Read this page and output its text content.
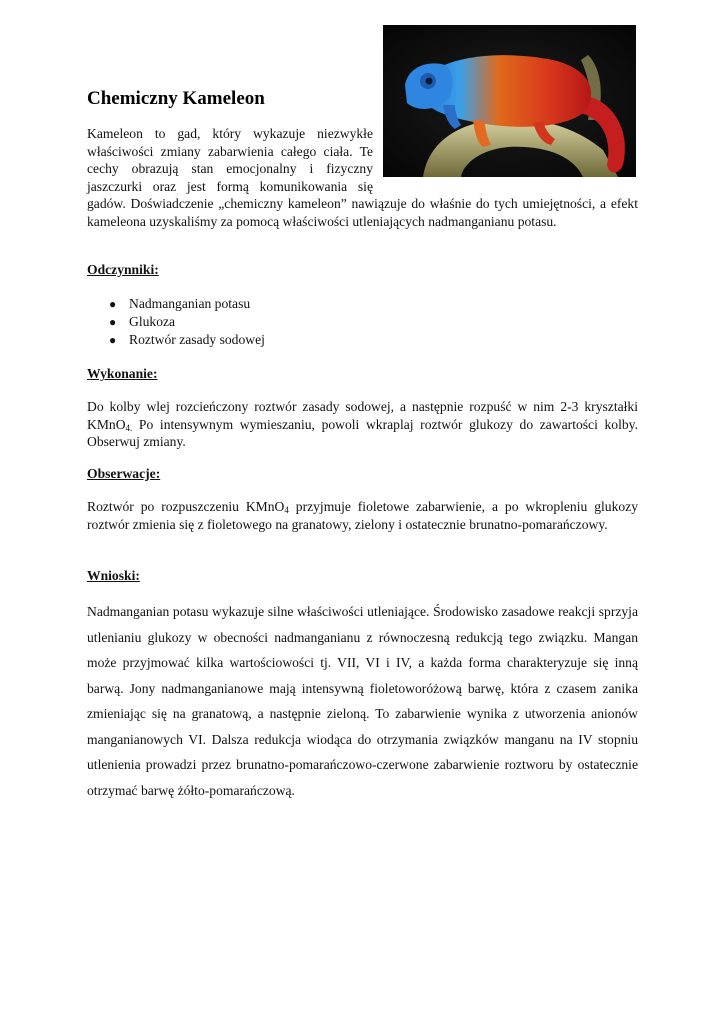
Chemiczny Kameleon

Kameleon to gad, który wykazuje niezwykłe właściwości zmiany zabarwienia całego ciała. Te cechy obrazują stan emocjonalny i fizyczny jaszczurki oraz jest formą komunikowania się gadów. Doświadczenie „chemiczny kameleon” nawiązuje do właśnie do tych umiejętności, a efekt kameleona uzyskaliśmy za pomocą właściwości utleniających nadmanganianu potasu.

Odczynniki:
● Nadmanganian potasu
● Glukoza
● Roztwór zasady sodowej
Wykonanie:

Do kolby wlej rozcieńczony roztwór zasady sodowej, a następnie rozpuść w nim 2-3 kryształki KMnO$_{4.}$ Po intensywnym wymieszaniu, powoli wkraplaj roztwór glukozy do zawartości kolby. Obserwuj zmiany.

Obserwacje:

Roztwór po rozpuszczeniu KMnO$_4$ przyjmuje fioletowe zabarwienie, a po wkropleniu glukozy roztwór zmienia się z fioletowego na granatowy, zielony i ostatecznie brunatno-pomarańczowy.

Wnioski:

Nadmanganian potasu wykazuje silne właściwości utleniające. Środowisko zasadowe reakcji sprzyja utlenianiu glukozy w obecności nadmanganianu z równoczesną redukcją tego związku. Mangan może przyjmować kilka wartościowości tj. VII, VI i IV, a każda forma charakteryzuje się inną barwą. Jony nadmanganianowe mają intensywną fioletoworóżową barwę, która z czasem zanika zmieniając się na granatową, a następnie zieloną. To zabarwienie wynika z utworzenia anionów manganianowych VI. Dalsza redukcja wiodąca do otrzymania związków manganu na IV stopniu utlenienia prowadzi przez brunatno-pomarańczowo-czerwone zabarwienie roztworu by ostatecznie otrzymać barwę żółto-pomarańczową.
